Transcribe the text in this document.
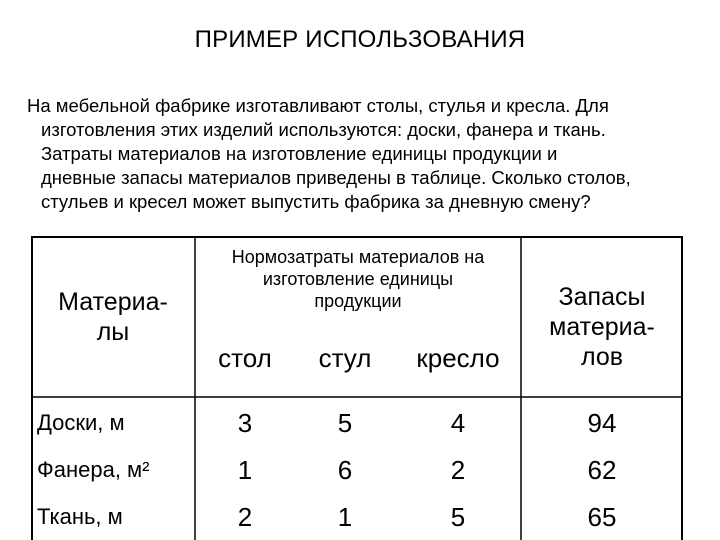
ПРИМЕР ИСПОЛЬЗОВАНИЯ
На мебельной фабрике изготавливают столы, стулья и кресла. Для
изготовления этих изделий используются: доски, фанера и ткань.
Затраты материалов на изготовление единицы продукции и
дневные запасы материалов приведены в таблице. Сколько столов,
стульев и кресел может выпустить фабрика за дневную смену?
Материа-
лы
Нормозатраты материалов на
изготовление единицы
продукции
стол	стул	кресло
Запасы
материа-
лов
Доски, м	3	5	4	94
Фанера, м²	1	6	2	62
Ткань, м	2	1	5	65
